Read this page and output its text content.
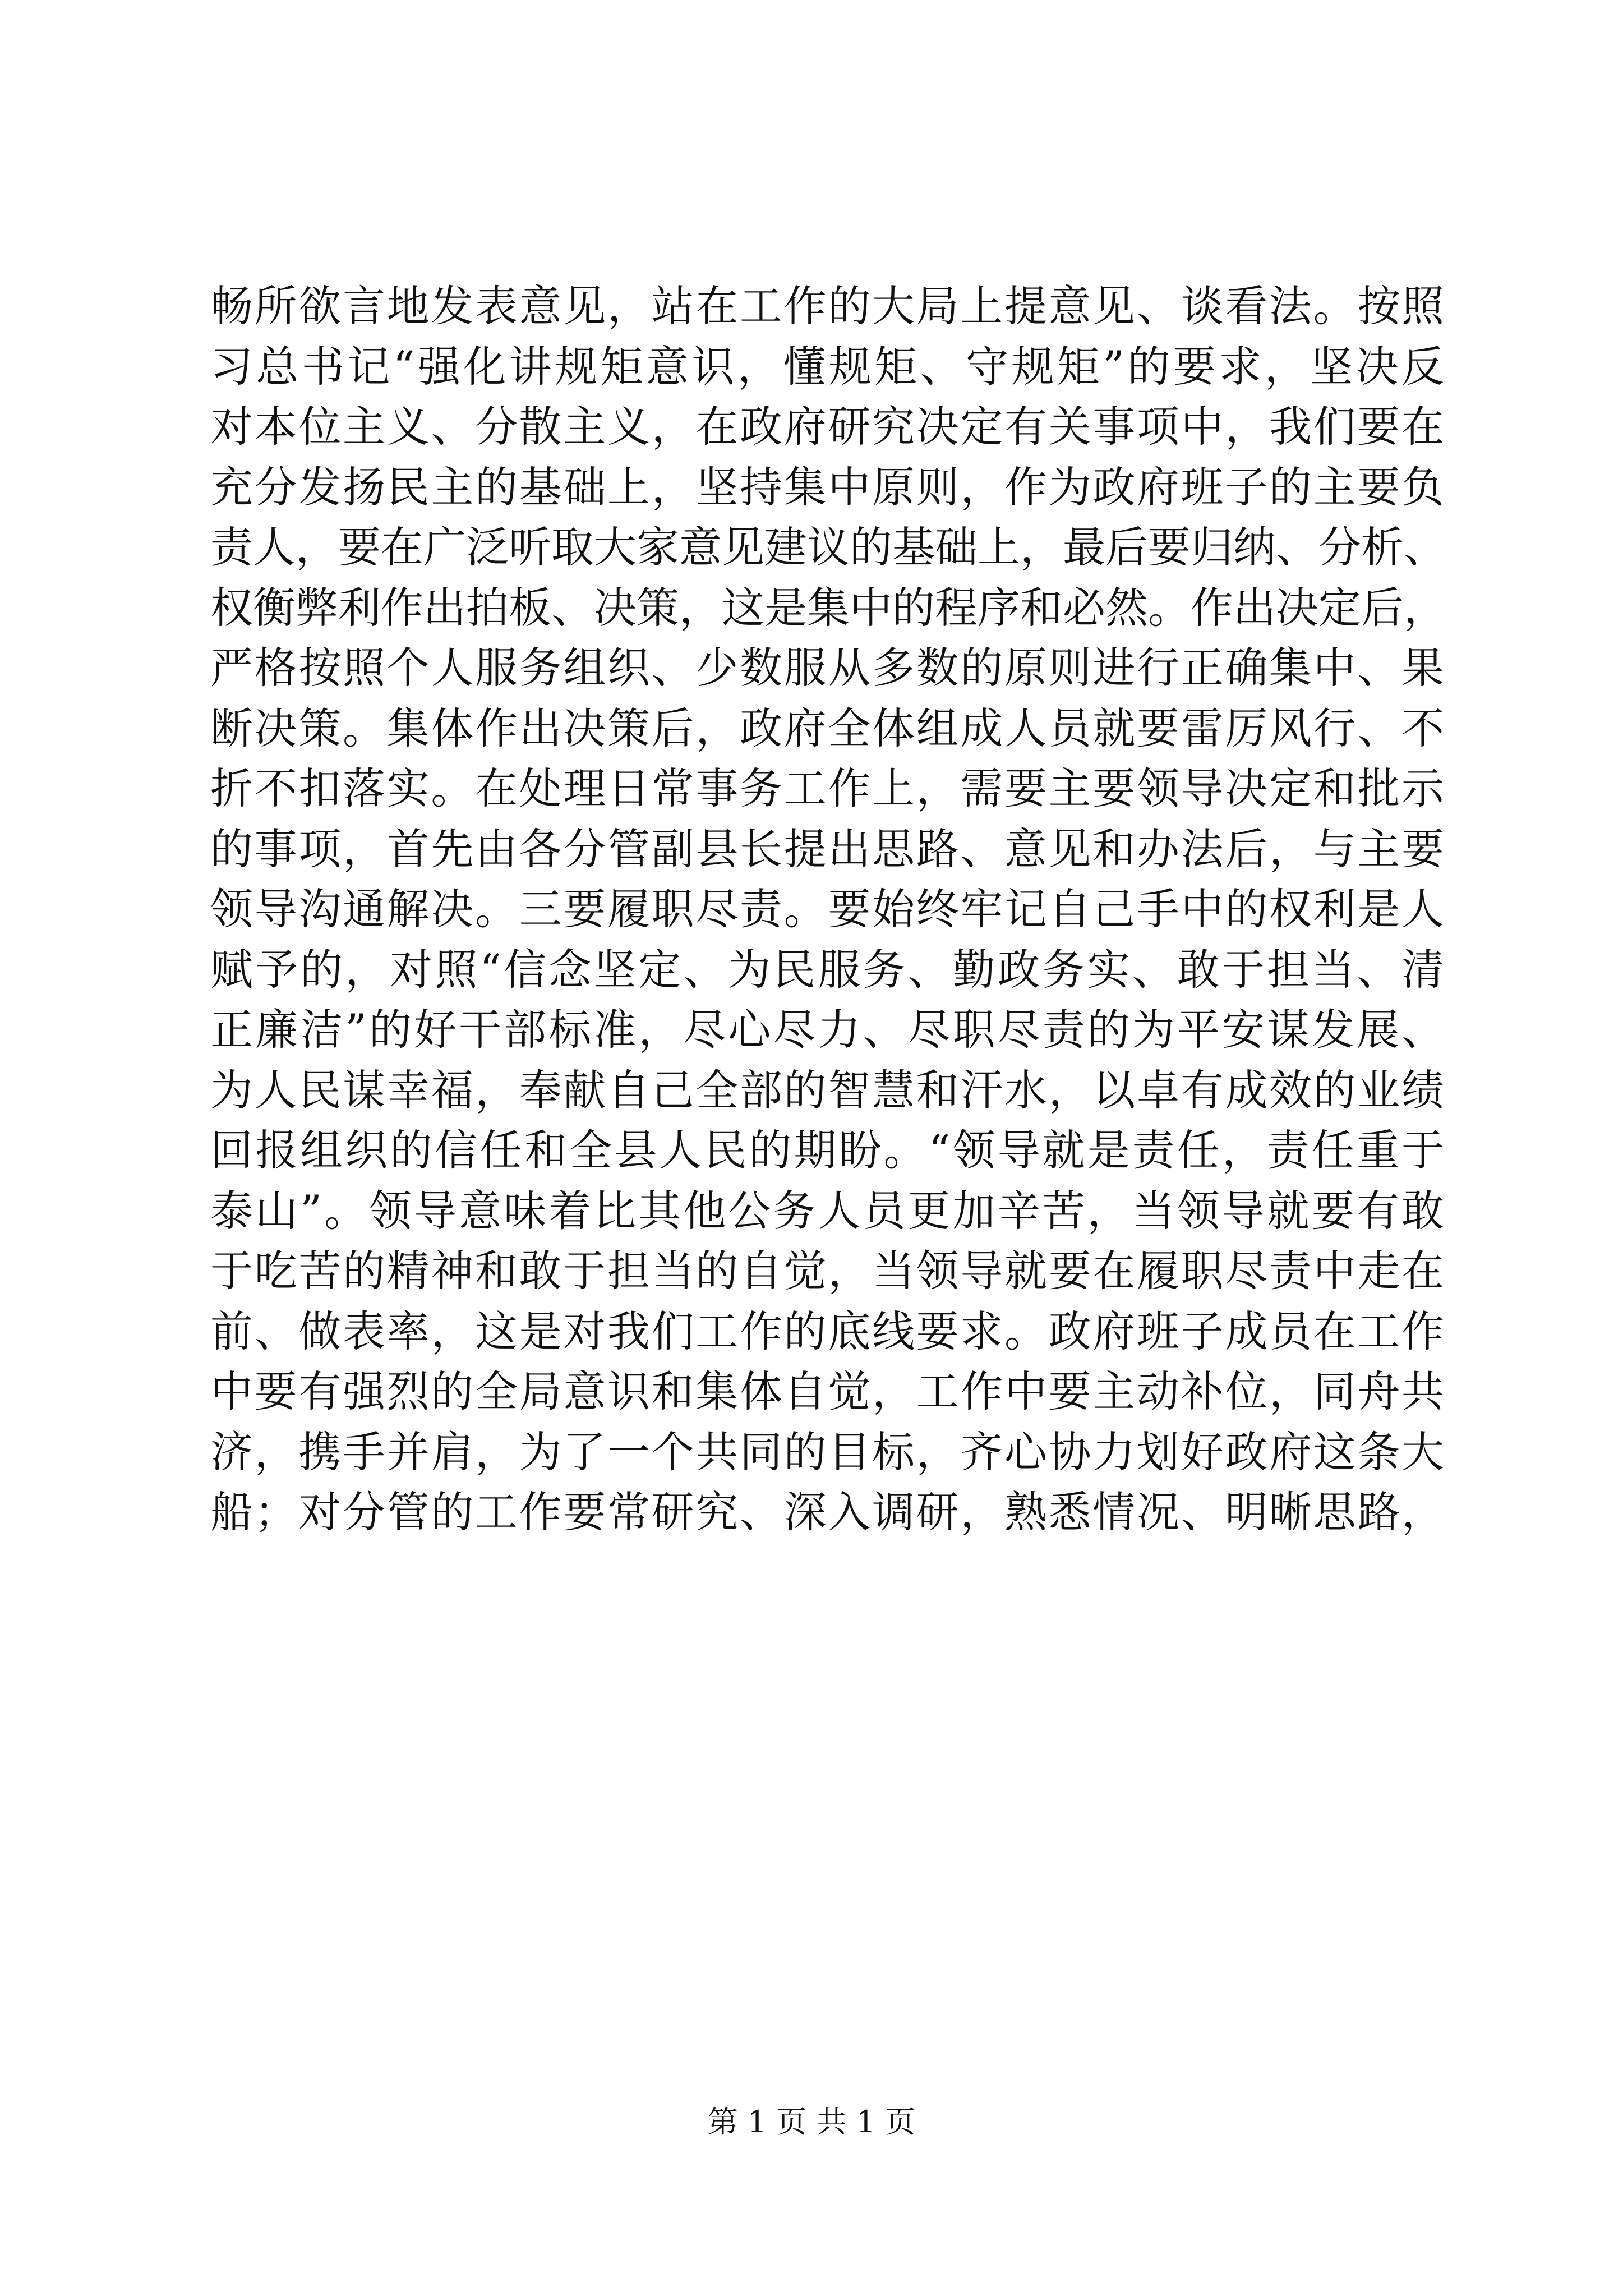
畅所欲言地发表意见，站在工作的大局上提意见、谈看法。按照
习总书记“强化讲规矩意识，懂规矩、守规矩”的要求，坚决反
对本位主义、分散主义，在政府研究决定有关事项中，我们要在
充分发扬民主的基础上，坚持集中原则，作为政府班子的主要负
责人，要在广泛听取大家意见建议的基础上，最后要归纳、分析、
权衡弊利作出拍板、决策，这是集中的程序和必然。作出决定后，
严格按照个人服务组织、少数服从多数的原则进行正确集中、果
断决策。集体作出决策后，政府全体组成人员就要雷厉风行、不
折不扣落实。在处理日常事务工作上，需要主要领导决定和批示
的事项，首先由各分管副县长提出思路、意见和办法后，与主要
领导沟通解决。三要履职尽责。要始终牢记自己手中的权利是人
赋予的，对照“信念坚定、为民服务、勤政务实、敢于担当、清
正廉洁”的好干部标准，尽心尽力、尽职尽责的为平安谋发展、
为人民谋幸福，奉献自己全部的智慧和汗水，以卓有成效的业绩
回报组织的信任和全县人民的期盼。“领导就是责任，责任重于
泰山”。领导意味着比其他公务人员更加辛苦，当领导就要有敢
于吃苦的精神和敢于担当的自觉，当领导就要在履职尽责中走在
前、做表率，这是对我们工作的底线要求。政府班子成员在工作
中要有强烈的全局意识和集体自觉，工作中要主动补位，同舟共
济，携手并肩，为了一个共同的目标，齐心协力划好政府这条大
船；对分管的工作要常研究、深入调研，熟悉情况、明晰思路，
第 1 页 共 1 页
